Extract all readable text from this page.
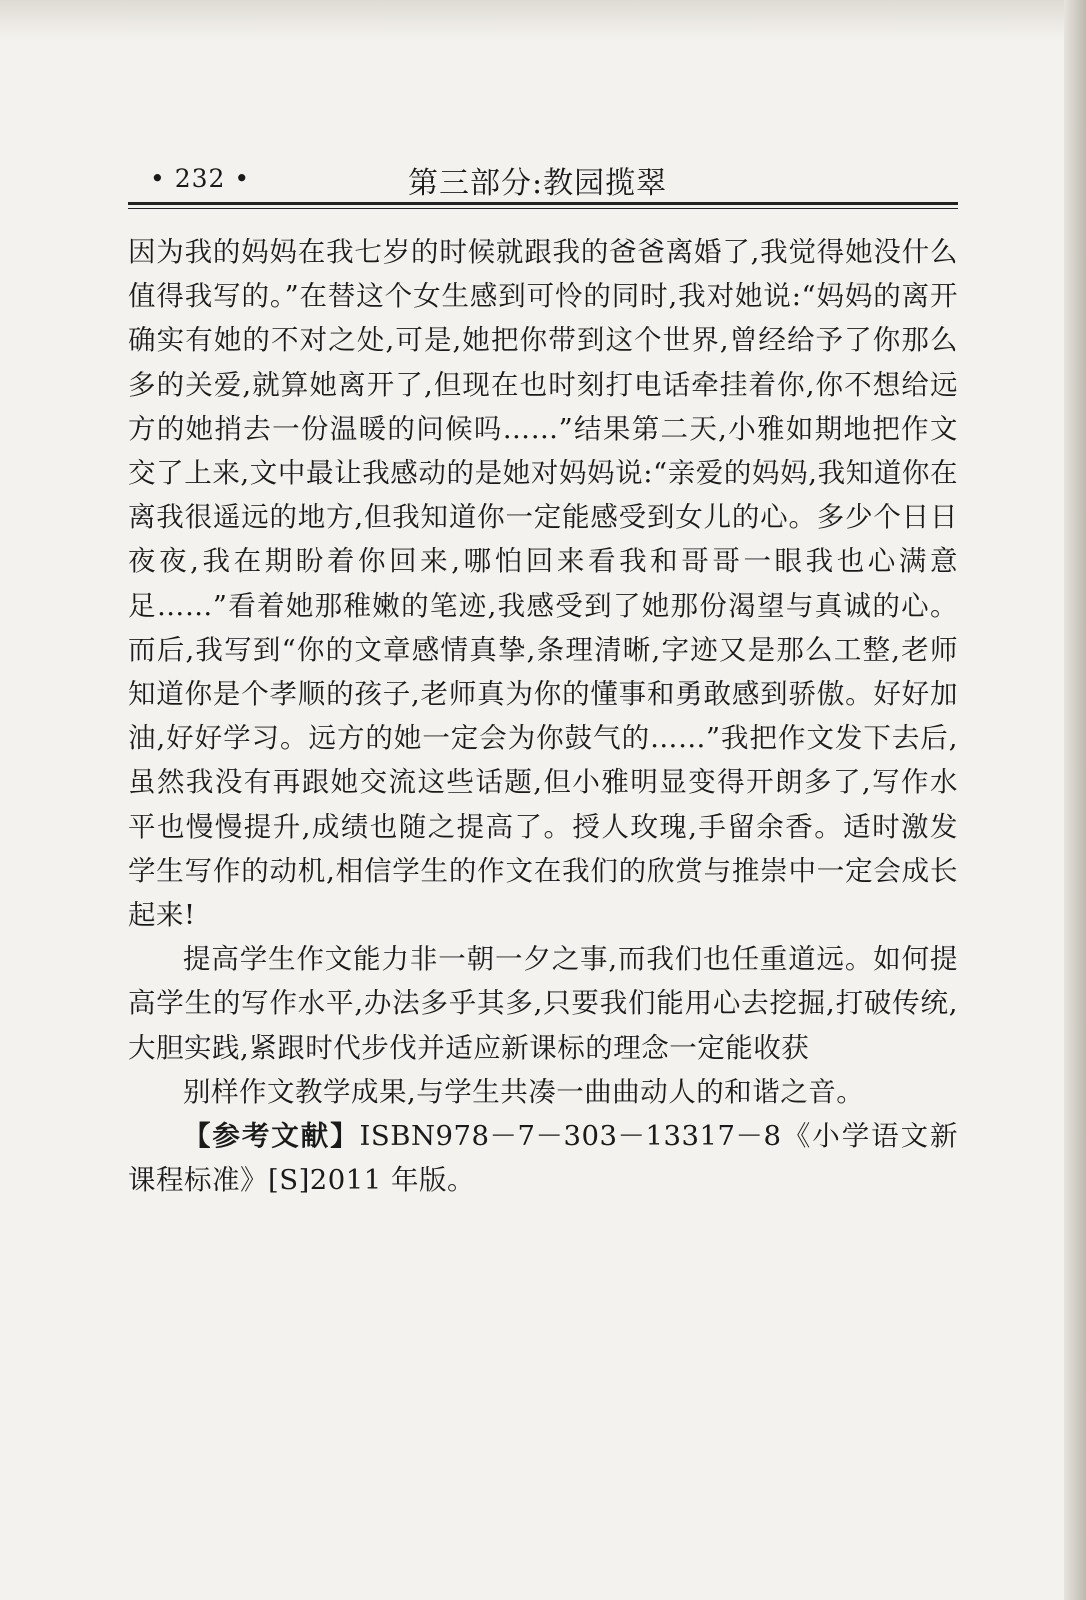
• 232 •	第三部分:教园揽翠

因为我的妈妈在我七岁的时候就跟我的爸爸离婚了,我觉得她没什么值得我写的。”在替这个女生感到可怜的同时,我对她说:“妈妈的离开确实有她的不对之处,可是,她把你带到这个世界,曾经给予了你那么多的关爱,就算她离开了,但现在也时刻打电话牵挂着你,你不想给远方的她捎去一份温暖的问候吗……”结果第二天,小雅如期地把作文交了上来,文中最让我感动的是她对妈妈说:“亲爱的妈妈,我知道你在离我很遥远的地方,但我知道你一定能感受到女儿的心。多少个日日夜夜,我在期盼着你回来,哪怕回来看我和哥哥一眼我也心满意足……”看着她那稚嫩的笔迹,我感受到了她那份渴望与真诚的心。而后,我写到“你的文章感情真挚,条理清晰,字迹又是那么工整,老师知道你是个孝顺的孩子,老师真为你的懂事和勇敢感到骄傲。好好加油,好好学习。远方的她一定会为你鼓气的……”我把作文发下去后,虽然我没有再跟她交流这些话题,但小雅明显变得开朗多了,写作水平也慢慢提升,成绩也随之提高了。授人玫瑰,手留余香。适时激发学生写作的动机,相信学生的作文在我们的欣赏与推崇中一定会成长起来!

提高学生作文能力非一朝一夕之事,而我们也任重道远。如何提高学生的写作水平,办法多乎其多,只要我们能用心去挖掘,打破传统,大胆实践,紧跟时代步伐并适应新课标的理念一定能收获

别样作文教学成果,与学生共凑一曲曲动人的和谐之音。

【参考文献】ISBN978－7－303－13317－8《小学语文新课程标准》[S]2011 年版。
